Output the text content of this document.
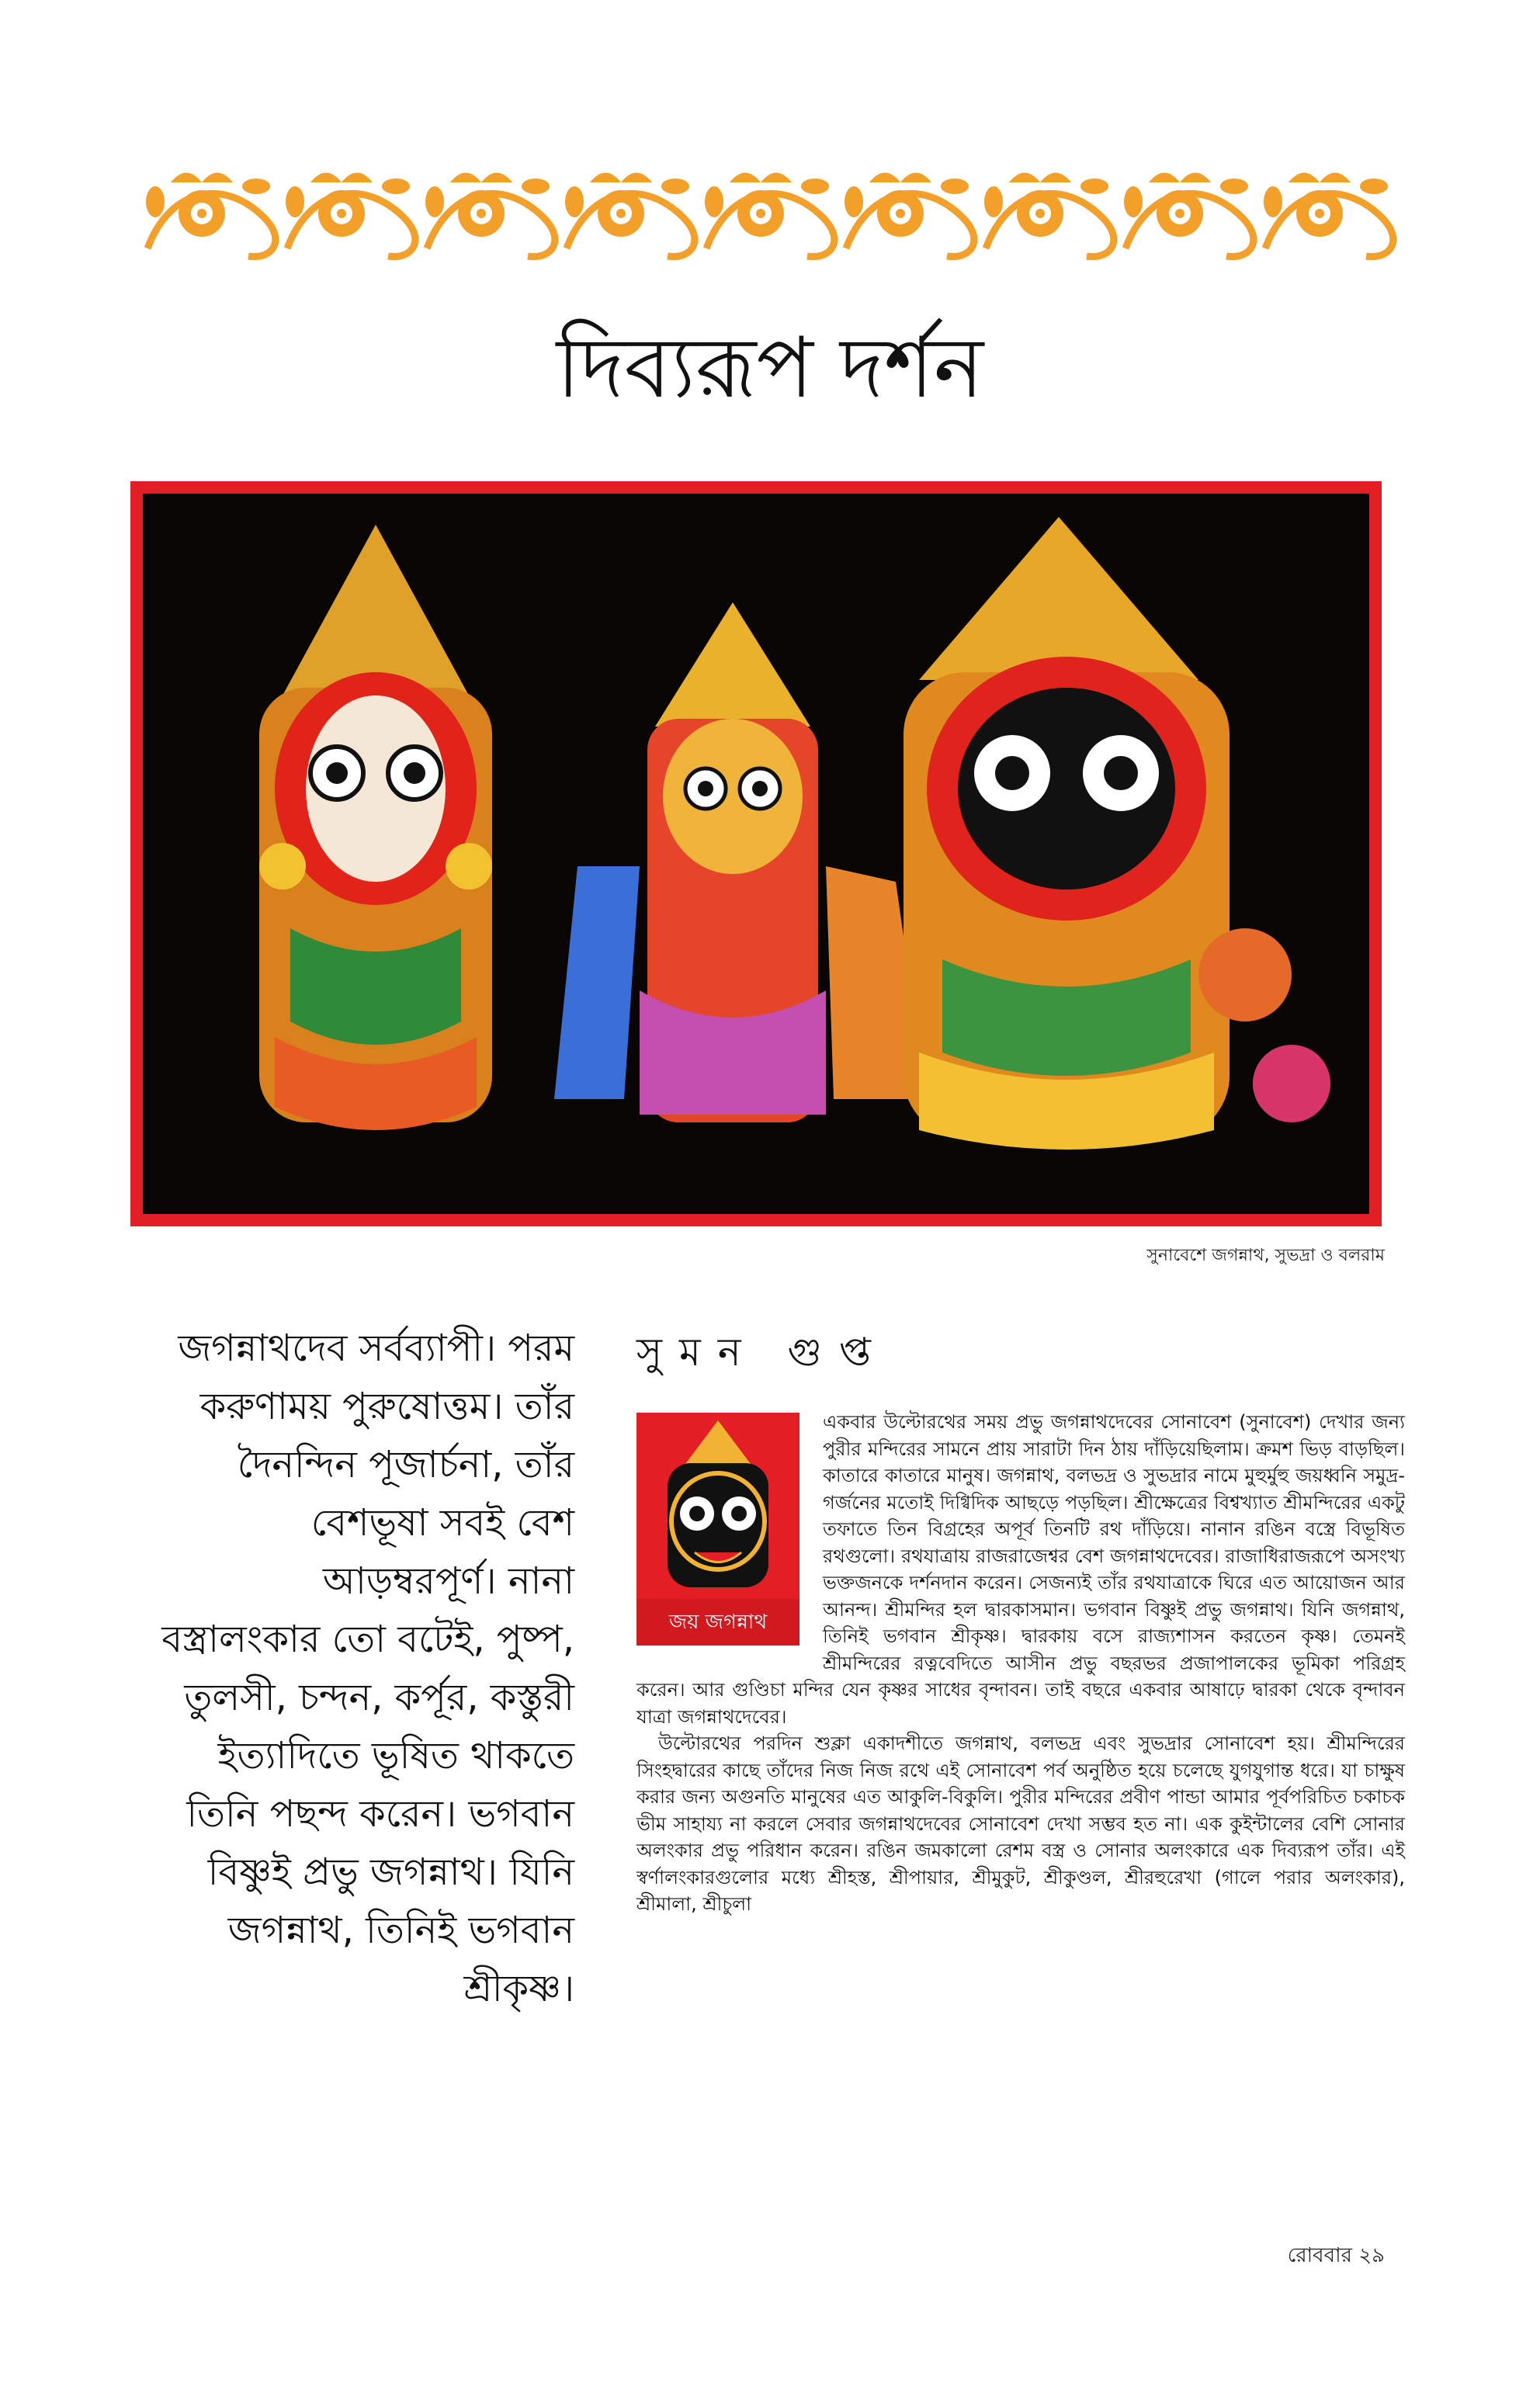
দিব্যরূপ দর্শন
সুনাবেশে জগন্নাথ, সুভদ্রা ও বলরাম
জগন্নাথদেব সর্বব্যাপী। পরম করুণাময় পুরুষোত্তম। তাঁর দৈনন্দিন পূজার্চনা, তাঁর বেশভূষা সবই বেশ আড়ম্বরপূর্ণ। নানা বস্ত্রালংকার তো বটেই, পুষ্প, তুলসী, চন্দন, কর্পূর, কস্তুরী ইত্যাদিতে ভূষিত থাকতে তিনি পছন্দ করেন। ভগবান বিষ্ণুই প্রভু জগন্নাথ। যিনি জগন্নাথ, তিনিই ভগবান শ্রীকৃষ্ণ।
সুমন গুপ্ত

একবার উল্টোরথের সময় প্রভু জগন্নাথদেবের সোনাবেশ (সুনাবেশ) দেখার জন্য পুরীর মন্দিরের সামনে প্রায় সারাটা দিন ঠায় দাঁড়িয়েছিলাম। ক্রমশ ভিড় বাড়ছিল। কাতারে কাতারে মানুষ। জগন্নাথ, বলভদ্র ও সুভদ্রার নামে মুহুর্মুহু জয়ধ্বনি সমুদ্র-গর্জনের মতোই দিগ্বিদিক আছড়ে পড়ছিল। শ্রীক্ষেত্রের বিশ্বখ্যাত শ্রীমন্দিরের একটু তফাতে তিন বিগ্রহের অপূর্ব তিনটি রথ দাঁড়িয়ে। নানান রঙিন বস্ত্রে বিভূষিত রথগুলো। রথযাত্রায় রাজরাজেশ্বর বেশ জগন্নাথদেবের। রাজাধিরাজরূপে অসংখ্য ভক্তজনকে দর্শনদান করেন। সেজন্যই তাঁর রথযাত্রাকে ঘিরে এত আয়োজন আর আনন্দ। শ্রীমন্দির হল দ্বারকাসমান। ভগবান বিষ্ণুই প্রভু জগন্নাথ। যিনি জগন্নাথ, তিনিই ভগবান শ্রীকৃষ্ণ। দ্বারকায় বসে রাজ্যশাসন করতেন কৃষ্ণ। তেমনই শ্রীমন্দিরের রত্নবেদিতে আসীন প্রভু বছরভর প্রজাপালকের ভূমিকা পরিগ্রহ করেন। আর গুণ্ডিচা মন্দির যেন কৃষ্ণর সাধের বৃন্দাবন। তাই বছরে একবার আষাঢ়ে দ্বারকা থেকে বৃন্দাবন যাত্রা জগন্নাথদেবের।

উল্টোরথের পরদিন শুক্লা একাদশীতে জগন্নাথ, বলভদ্র এবং সুভদ্রার সোনাবেশ হয়। শ্রীমন্দিরের সিংহদ্বারের কাছে তাঁদের নিজ নিজ রথে এই সোনাবেশ পর্ব অনুষ্ঠিত হয়ে চলেছে যুগযুগান্ত ধরে। যা চাক্ষুষ করার জন্য অগুনতি মানুষের এত আকুলি-বিকুলি। পুরীর মন্দিরের প্রবীণ পান্ডা আমার পূর্বপরিচিত চকাচক ভীম সাহায্য না করলে সেবার জগন্নাথদেবের সোনাবেশ দেখা সম্ভব হত না। এক কুইন্টালের বেশি সোনার অলংকার প্রভু পরিধান করেন। রঙিন জমকালো রেশম বস্ত্র ও সোনার অলংকারে এক দিব্যরূপ তাঁর। এই স্বর্ণালংকারগুলোর মধ্যে শ্রীহস্ত, শ্রীপায়ার, শ্রীমুকুট, শ্রীকুণ্ডল, শ্রীরহুরেখা (গালে পরার অলংকার), শ্রীমালা, শ্রীচুলা

জয় জগন্নাথ
রোববার ২৯
